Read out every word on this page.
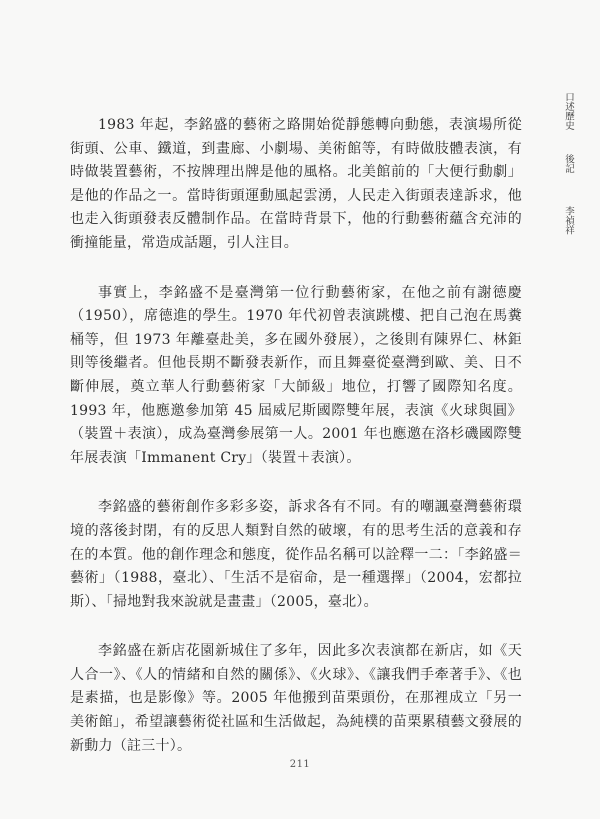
1983 年起，李銘盛的藝術之路開始從靜態轉向動態，表演場所從街頭、公車、鐵道，到畫廊、小劇場、美術館等，有時做肢體表演，有時做裝置藝術，不按牌理出牌是他的風格。北美館前的「大便行動劇」是他的作品之一。當時街頭運動風起雲湧，人民走入街頭表達訴求，他也走入街頭發表反體制作品。在當時背景下，他的行動藝術蘊含充沛的衝撞能量，常造成話題，引人注目。

事實上，李銘盛不是臺灣第一位行動藝術家，在他之前有謝德慶（1950），席德進的學生。1970 年代初曾表演跳樓、把自己泡在馬糞桶等，但 1973 年離臺赴美，多在國外發展），之後則有陳界仁、林鉅則等後繼者。但他長期不斷發表新作，而且舞臺從臺灣到歐、美、日不斷伸展，奠立華人行動藝術家「大師級」地位，打響了國際知名度。1993 年，他應邀參加第 45 屆威尼斯國際雙年展，表演《火球與圓》（裝置＋表演），成為臺灣參展第一人。2001 年也應邀在洛杉磯國際雙年展表演「Immanent Cry」（裝置＋表演）。

李銘盛的藝術創作多彩多姿，訴求各有不同。有的嘲諷臺灣藝術環境的落後封閉，有的反思人類對自然的破壞，有的思考生活的意義和存在的本質。他的創作理念和態度，從作品名稱可以詮釋一二：「李銘盛＝藝術」（1988，臺北）、「生活不是宿命，是一種選擇」（2004，宏都拉斯）、「掃地對我來說就是畫畫」（2005，臺北）。

李銘盛在新店花園新城住了多年，因此多次表演都在新店，如《天人合一》、《人的情緒和自然的關係》、《火球》、《讓我們手牽著手》、《也是素描，也是影像》等。2005 年他搬到苗栗頭份，在那裡成立「另一美術館」，希望讓藝術從社區和生活做起，為純樸的苗栗累積藝文發展的新動力（註三十）。

口述歷史
後記
李禎祥
211
